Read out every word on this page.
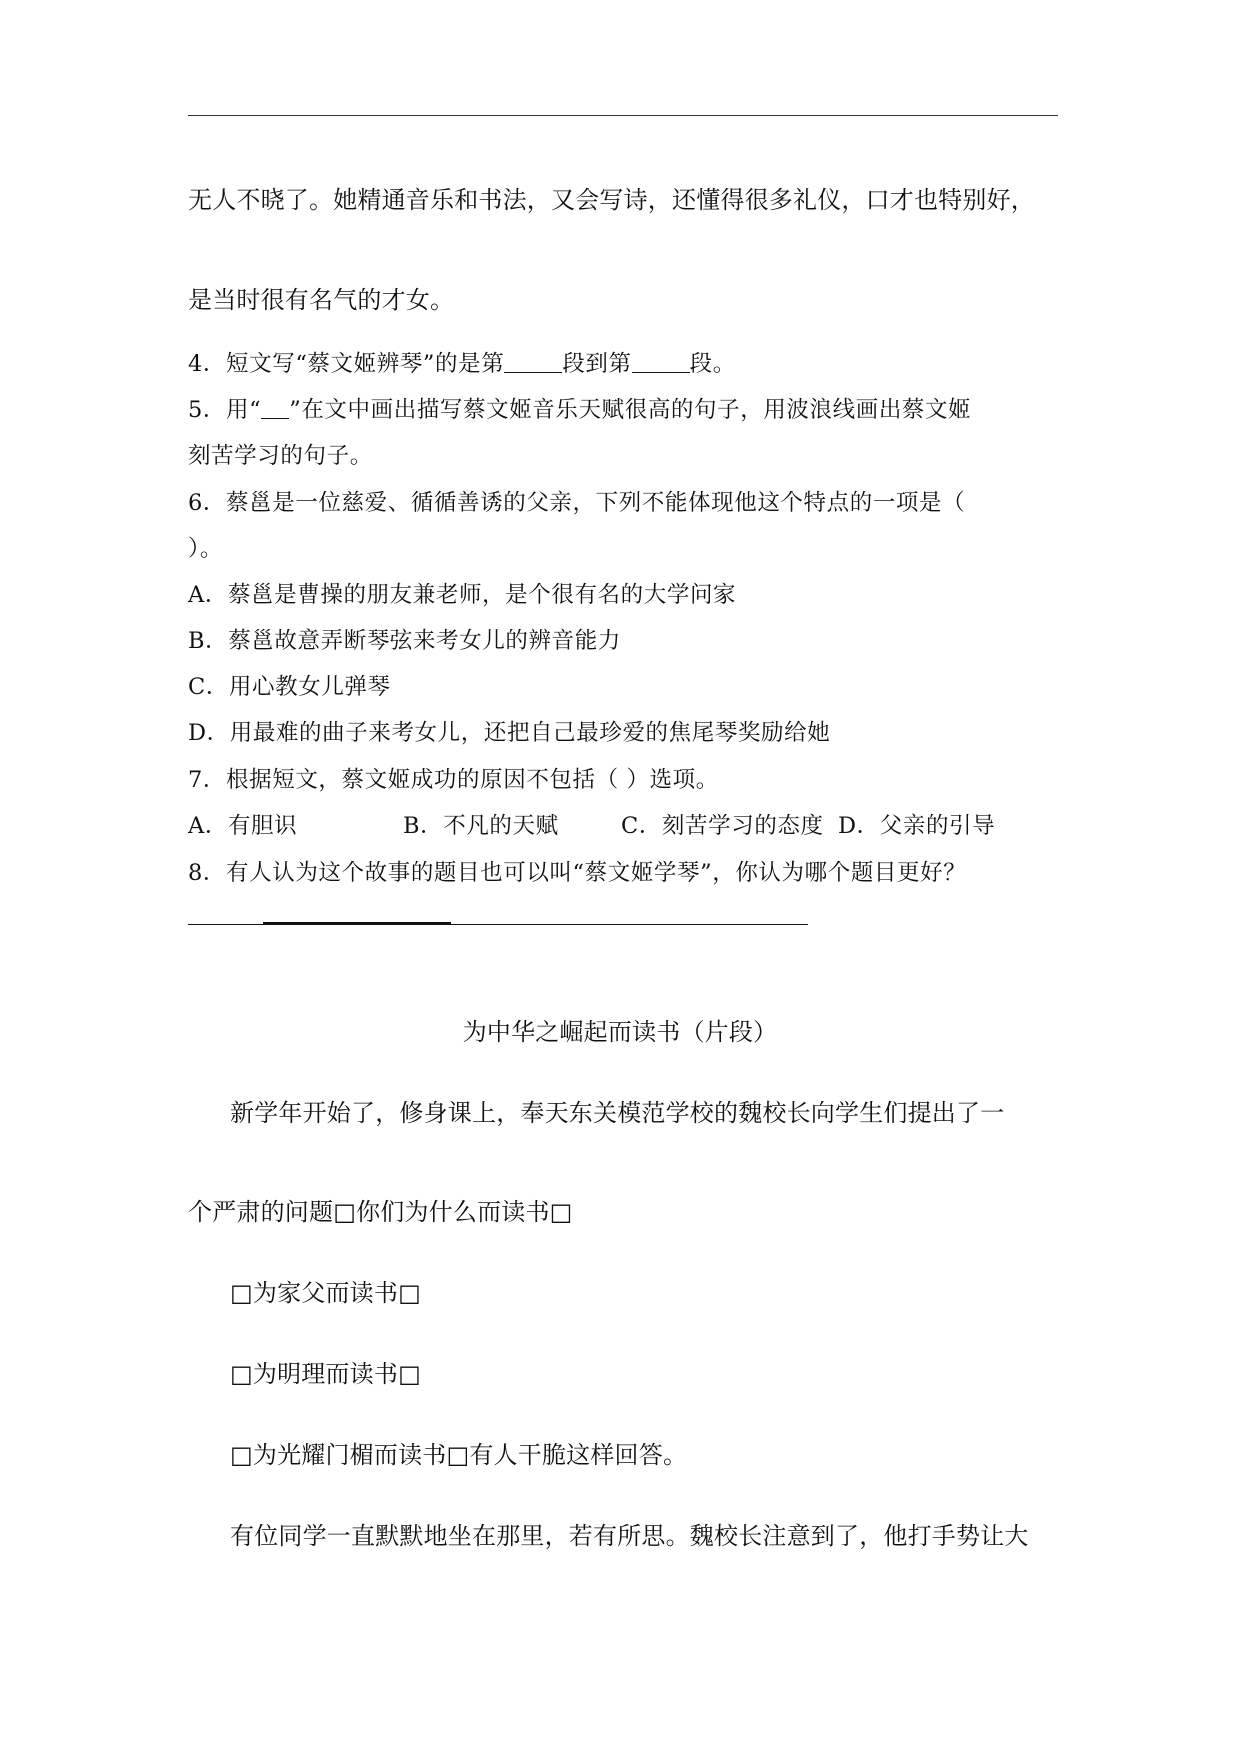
无人不晓了。她精通音乐和书法，又会写诗，还懂得很多礼仪，口才也特别好，
是当时很有名气的才女。
4．短文写“蔡文姬辨琴”的是第	段到第	段。
5．用“ ”在文中画出描写蔡文姬音乐天赋很高的句子，用波浪线画出蔡文姬
刻苦学习的句子。
6．蔡邕是一位慈爱、循循善诱的父亲，下列不能体现他这个特点的一项是（
）。
A．蔡邕是曹操的朋友兼老师，是个很有名的大学问家
B．蔡邕故意弄断琴弦来考女儿的辨音能力
C．用心教女儿弹琴
D．用最难的曲子来考女儿，还把自己最珍爱的焦尾琴奖励给她
7．根据短文，蔡文姬成功的原因不包括（ ）选项。
A．有胆识	B．不凡的天赋	C．刻苦学习的态度 D．父亲的引导
8．有人认为这个故事的题目也可以叫“蔡文姬学琴”，你认为哪个题目更好？
为中华之崛起而读书（片段）
新学年开始了，修身课上，奉天东关模范学校的魏校长向学生们提出了一
个严肃的问题□你们为什么而读书□
□为家父而读书□
□为明理而读书□
□为光耀门楣而读书□有人干脆这样回答。
有位同学一直默默地坐在那里，若有所思。魏校长注意到了，他打手势让大
